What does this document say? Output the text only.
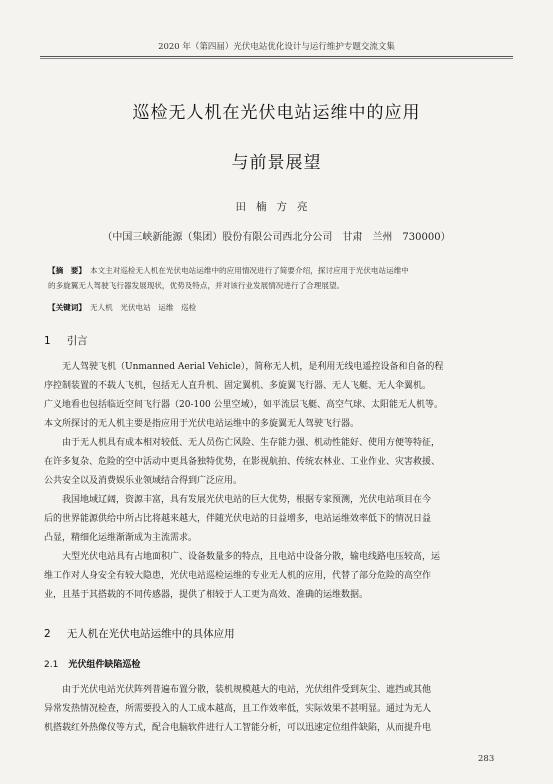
2020 年（第四届）光伏电站优化设计与运行维护专题交流文集
巡检无人机在光伏电站运维中的应用
与前景展望
田楠方亮
（中国三峡新能源（集团）股份有限公司西北分公司　甘肃　兰州　730000）
【摘　要】 本文主对巡检无人机在光伏电站运维中的应用情况进行了简要介绍，探讨应用于光伏电站运维中
的多旋翼无人驾驶飞行器发展现状，优势及特点，并对该行业发展情况进行了合理展望。
【关键词】 无人机　光伏电站　运维　巡检
1 引言
无人驾驶飞机（Unmanned Aerial Vehicle），简称无人机，是利用无线电遥控设备和自备的程
序控制装置的不载人飞机，包括无人直升机、固定翼机、多旋翼飞行器、无人飞艇、无人伞翼机。
广义地看也包括临近空间飞行器（20-100 公里空域），如平流层飞艇、高空气球、太阳能无人机等。
本文所探讨的无人机主要是指应用于光伏电站运维中的多旋翼无人驾驶飞行器。
由于无人机具有成本相对较低、无人员伤亡风险、生存能力强、机动性能好、使用方便等特征，
在许多复杂、危险的空中活动中更具备独特优势，在影视航拍、传统农林业、工业作业、灾害救援、
公共安全以及消费娱乐业领域结合得到广泛应用。
我国地域辽阔，资源丰富，具有发展光伏电站的巨大优势，根据专家预测，光伏电站项目在今
后的世界能源供给中所占比将越来越大，伴随光伏电站的日益增多，电站运维效率低下的情况日益
凸显，精细化运维渐渐成为主流需求。
大型光伏电站具有占地面积广、设备数量多的特点，且电站中设备分散，输电线路电压较高，运
维工作对人身安全有较大隐患，光伏电站巡检运维的专业无人机的应用，代替了部分危险的高空作
业，且基于其搭载的不同传感器，提供了相较于人工更为高效、准确的运维数据。
2 无人机在光伏电站运维中的具体应用
2.1 光伏组件缺陷巡检
由于光伏电站光伏阵列普遍布置分散，装机规模越大的电站，光伏组件受到灰尘、遮挡或其他
异常发热情况检查，所需要投入的人工成本越高，且工作效率低，实际效果不甚明显。通过为无人
机搭载红外热像仪等方式，配合电脑软件进行人工智能分析，可以迅速定位组件缺陷，从而提升电
283
